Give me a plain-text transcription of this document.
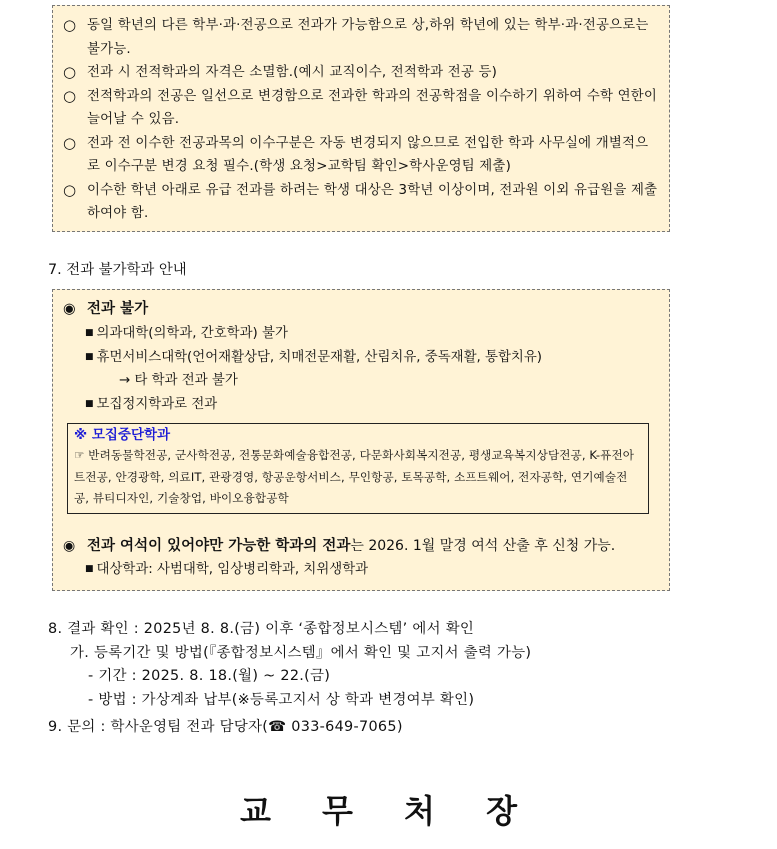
○ 동일 학년의 다른 학부·과·전공으로 전과가 가능함으로 상,하위 학년에 있는 학부·과·전공으로는 불가능.
○ 전과 시 전적학과의 자격은 소멸함.(예시 교직이수, 전적학과 전공 등)
○ 전적학과의 전공은 일선으로 변경함으로 전과한 학과의 전공학점을 이수하기 위하여 수학 연한이 늘어날 수 있음.
○ 전과 전 이수한 전공과목의 이수구분은 자동 변경되지 않으므로 전입한 학과 사무실에 개별적으로 이수구분 변경 요청 필수.(학생 요청>교학팀 확인>학사운영팀 제출)
○ 이수한 학년 아래로 유급 전과를 하려는 학생 대상은 3학년 이상이며, 전과원 이외 유급원을 제출하여야 함.
7. 전과 불가학과 안내
◉ 전과 불가
■ 의과대학(의학과, 간호학과) 불가
■ 휴먼서비스대학(언어재활상담, 치매전문재활, 산림치유, 중독재활, 통합치유)
→ 타 학과 전과 불가
■ 모집정지학과로 전과
※ 모집중단학과
☞ 반려동물학전공, 군사학전공, 전통문화예술융합전공, 다문화사회복지전공, 평생교육복지상담전공, K-퓨전아트전공, 안경광학, 의료IT, 관광경영, 항공운항서비스, 무인항공, 토목공학, 소프트웨어, 전자공학, 연기예술전공, 뷰티디자인, 기술창업, 바이오융합공학
◉ 전과 여석이 있어야만 가능한 학과의 전과는 2026. 1월 말경 여석 산출 후 신청 가능.
■ 대상학과: 사범대학, 임상병리학과, 치위생학과
8. 결과 확인 : 2025년 8. 8.(금) 이후 ‘종합정보시스템’ 에서 확인
가. 등록기간 및 방법(『종합정보시스템』에서 확인 및 고지서 출력 가능)
- 기간 : 2025. 8. 18.(월) ~ 22.(금)
- 방법 : 가상계좌 납부(※등록고지서 상 학과 변경여부 확인)
9. 문의 : 학사운영팀 전과 담당자(☎ 033-649-7065)
교 무 처 장
